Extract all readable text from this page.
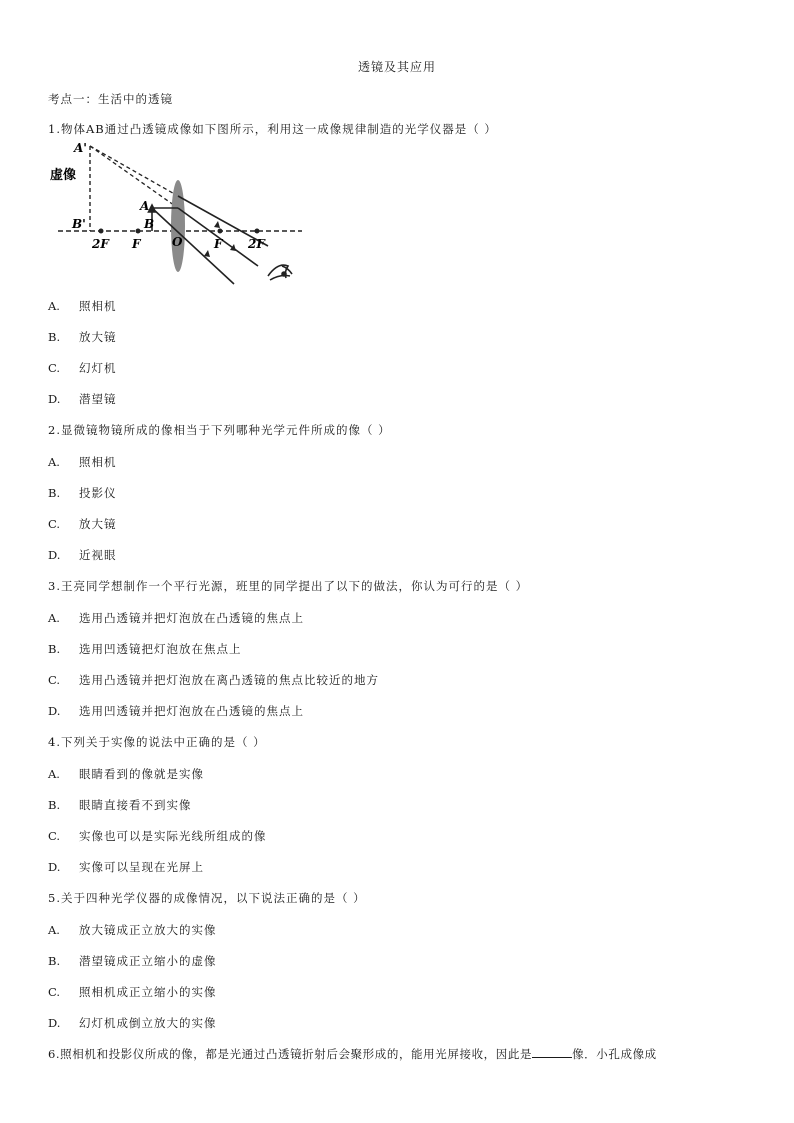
透镜及其应用
考点一：生活中的透镜
1.物体AB通过凸透镜成像如下图所示，利用这一成像规律制造的光学仪器是（ ）
A'
虚像
B'
A
B
2F F	O	F 2F
A. 照相机
B. 放大镜
C. 幻灯机
D. 潜望镜
2.显微镜物镜所成的像相当于下列哪种光学元件所成的像（ ）
A. 照相机
B. 投影仪
C. 放大镜
D. 近视眼
3.王亮同学想制作一个平行光源，班里的同学提出了以下的做法，你认为可行的是（ ）
A. 选用凸透镜并把灯泡放在凸透镜的焦点上
B. 选用凹透镜把灯泡放在焦点上
C. 选用凸透镜并把灯泡放在离凸透镜的焦点比较近的地方
D. 选用凹透镜并把灯泡放在凸透镜的焦点上
4.下列关于实像的说法中正确的是（ ）
A. 眼睛看到的像就是实像
B. 眼睛直接看不到实像
C. 实像也可以是实际光线所组成的像
D. 实像可以呈现在光屏上
5.关于四种光学仪器的成像情况，以下说法正确的是（ ）
A. 放大镜成正立放大的实像
B. 潜望镜成正立缩小的虚像
C. 照相机成正立缩小的实像
D. 幻灯机成倒立放大的实像
6.照相机和投影仪所成的像，都是光通过凸透镜折射后会聚形成的，能用光屏接收，因此是	像．小孔成像成
